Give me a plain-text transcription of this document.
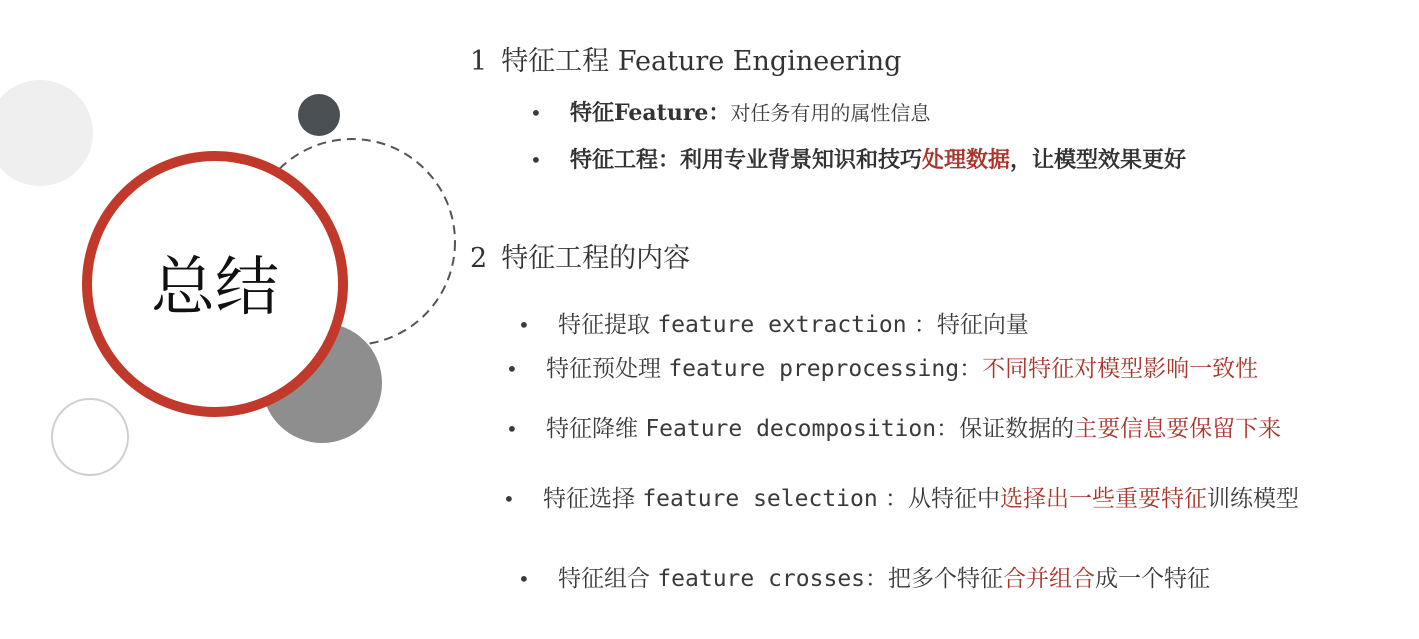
总结
1 特征工程 Feature Engineering
• 特征Feature：对任务有用的属性信息
• 特征工程：利用专业背景知识和技巧处理数据，让模型效果更好
2 特征工程的内容
• 特征提取 feature extraction ：特征向量
• 特征预处理 feature preprocessing：不同特征对模型影响一致性
• 特征降维 Feature decomposition：保证数据的主要信息要保留下来
• 特征选择 feature selection ：从特征中选择出一些重要特征训练模型
• 特征组合 feature crosses：把多个特征合并组合成一个特征
